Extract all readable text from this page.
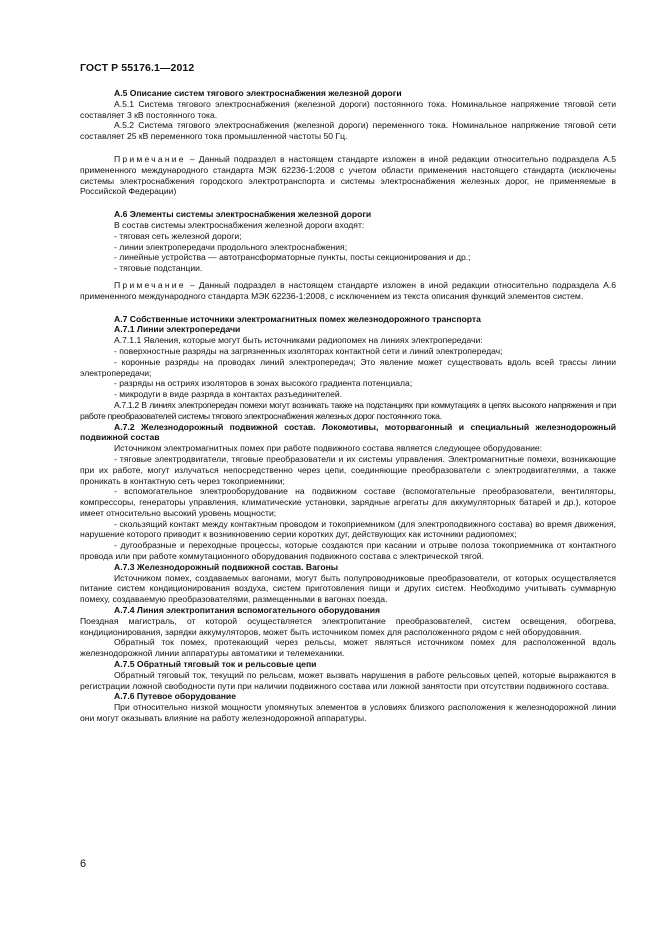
ГОСТ Р 55176.1—2012

А.5 Описание систем тягового электроснабжения железной дороги

А.5.1 Система тягового электроснабжения (железной дороги) постоянного тока. Номинальное напряжение тяговой сети составляет 3 кВ постоянного тока.

А.5.2 Система тягового электроснабжения (железной дороги) переменного тока. Номинальное напряжение тяговой сети составляет 25 кВ переменного тока промышленной частоты 50 Гц.

Примечание – Данный подраздел в настоящем стандарте изложен в иной редакции относительно подраздела А.5 примененного международного стандарта МЭК 62236-1:2008 с учетом области применения настоящего стандарта (исключены системы электроснабжения городского электротранспорта и системы электроснабжения железных дорог, не применяемые в Российской Федерации)

А.6 Элементы системы электроснабжения железной дороги

В состав системы электроснабжения железной дороги входят:

- тяговая сеть железной дороги;

- линии электропередачи продольного электроснабжения;

- линейные устройства — автотрансформаторные пункты, посты секционирования и др.;

- тяговые подстанции.

Примечание – Данный подраздел в настоящем стандарте изложен в иной редакции относительно подраздела А.6 примененного международного стандарта МЭК 62236-1:2008, с исключением из текста описания функций элементов систем.

А.7 Собственные источники электромагнитных помех железнодорожного транспорта

А.7.1 Линии электропередачи

А.7.1.1 Явления, которые могут быть источниками радиопомех на линиях электропередачи:

- поверхностные разряды на загрязненных изоляторах контактной сети и линий электропередач;

- коронные разряды на проводах линий электропередач; Это явление может существовать вдоль всей трассы линии электропередачи;

- разряды на остриях изоляторов в зонах высокого градиента потенциала;

- микродуги в виде разряда в контактах разъединителей.

А.7.1.2 В линиях электропередач помехи могут возникать также на подстанциях при коммутациях в цепях высокого напряжения и при работе преобразователей системы тягового электроснабжения железных дорог постоянного тока.

А.7.2 Железнодорожный подвижной состав. Локомотивы, моторвагонный и специальный железнодорожный подвижной состав

Источником электромагнитных помех при работе подвижного состава является следующее оборудование:

- тяговые электродвигатели, тяговые преобразователи и их системы управления. Электромагнитные помехи, возникающие при их работе, могут излучаться непосредственно через цепи, соединяющие преобразователи с электродвигателями, а также проникать в контактную сеть через токоприемники;

- вспомогательное электрооборудование на подвижном составе (вспомогательные преобразователи, вентиляторы, компрессоры, генераторы управления, климатические установки, зарядные агрегаты для аккумуляторных батарей и др.), которое имеет относительно высокий уровень мощности;

- скользящий контакт между контактным проводом и токоприемником (для электроподвижного состава) во время движения, нарушение которого приводит к возникновению серии коротких дуг, действующих как источники радиопомех;

- дугообразные и переходные процессы, которые создаются при касании и отрыве полоза токоприемника от контактного провода или при работе коммутационного оборудования подвижного состава с электрической тягой.

А.7.3 Железнодорожный подвижной состав. Вагоны

Источником помех, создаваемых вагонами, могут быть полупроводниковые преобразователи, от которых осуществляется питание систем кондиционирования воздуха, систем приготовления пищи и других систем. Необходимо учитывать суммарную помеху, создаваемую преобразователями, размещенными в вагонах поезда.

А.7.4 Линия электропитания вспомогательного оборудования

Поездная магистраль, от которой осуществляется электропитание преобразователей, систем освещения, обогрева, кондиционирования, зарядки аккумуляторов, может быть источником помех для расположенного рядом с ней оборудования.

Обратный ток помех, протекающий через рельсы, может являться источником помех для расположенной вдоль железнодорожной линии аппаратуры автоматики и телемеханики.

А.7.5 Обратный тяговый ток и рельсовые цепи

Обратный тяговый ток, текущий по рельсам, может вызвать нарушения в работе рельсовых цепей, которые выражаются в регистрации ложной свободности пути при наличии подвижного состава или ложной занятости при отсутствии подвижного состава.

А.7.6 Путевое оборудование

При относительно низкой мощности упомянутых элементов в условиях близкого расположения к железнодорожной линии они могут оказывать влияние на работу железнодорожной аппаратуры.

6
